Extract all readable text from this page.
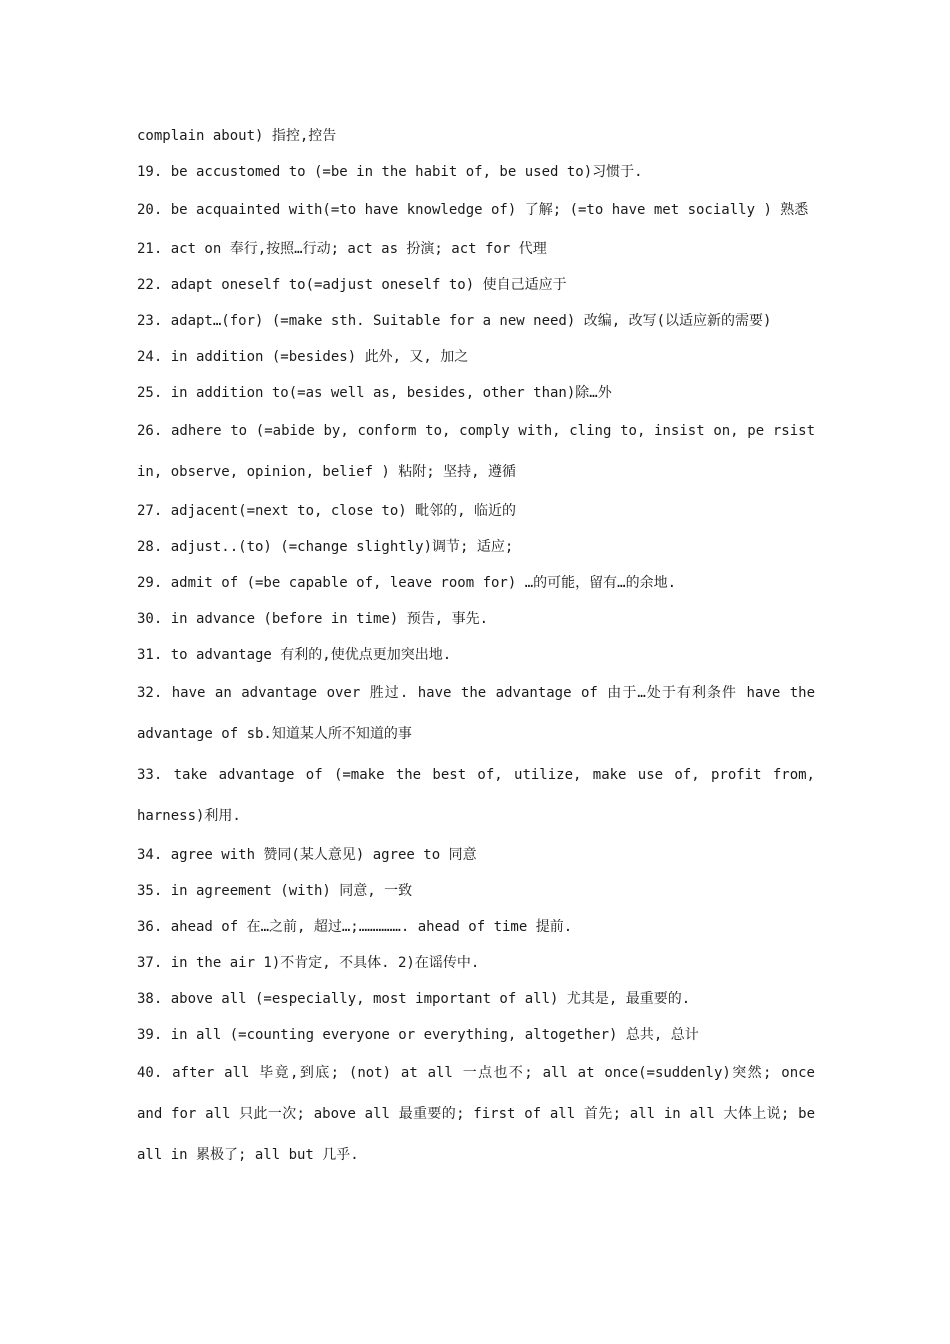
complain about) 指控,控告

19. be accustomed to (=be in the habit of, be used to)习惯于.

20. be acquainted with(=to have knowledge of) 了解; (=to have met socially ) 熟悉

21. act on 奉行,按照…行动; act as 扮演; act for 代理

22. adapt oneself to(=adjust oneself to) 使自己适应于

23. adapt…(for) (=make sth. Suitable for a new need) 改编, 改写(以适应新的需要)

24. in addition (=besides) 此外, 又, 加之

25. in addition to(=as well as, besides, other than)除…外

26. adhere to (=abide by, conform to, comply with, cling to, insist on, pe rsist in, observe, opinion, belief ) 粘附; 坚持, 遵循

27. adjacent(=next to, close to) 毗邻的, 临近的

28. adjust..(to) (=change slightly)调节; 适应;

29. admit of (=be capable of, leave room for) …的可能，留有…的余地.

30. in advance (before in time) 预告, 事先.

31. to advantage 有利的,使优点更加突出地.

32. have an advantage over 胜过. have the advantage of 由于…处于有利条件 have the advantage of sb.知道某人所不知道的事

33. take advantage of (=make the best of, utilize, make use of, profit from, harness)利用.

34. agree with 赞同(某人意见) agree to 同意

35. in agreement (with) 同意, 一致

36. ahead of 在…之前, 超过…;……………. ahead of time 提前.

37. in the air 1)不肯定, 不具体. 2)在谣传中.

38. above all (=especially, most important of all) 尤其是, 最重要的.

39. in all (=counting everyone or everything, altogether) 总共, 总计

40. after all 毕竟,到底; (not) at all 一点也不; all at once(=suddenly)突然; once and for all 只此一次; above all 最重要的; first of all 首先; all in all 大体上说; be all in 累极了; all but 几乎.
